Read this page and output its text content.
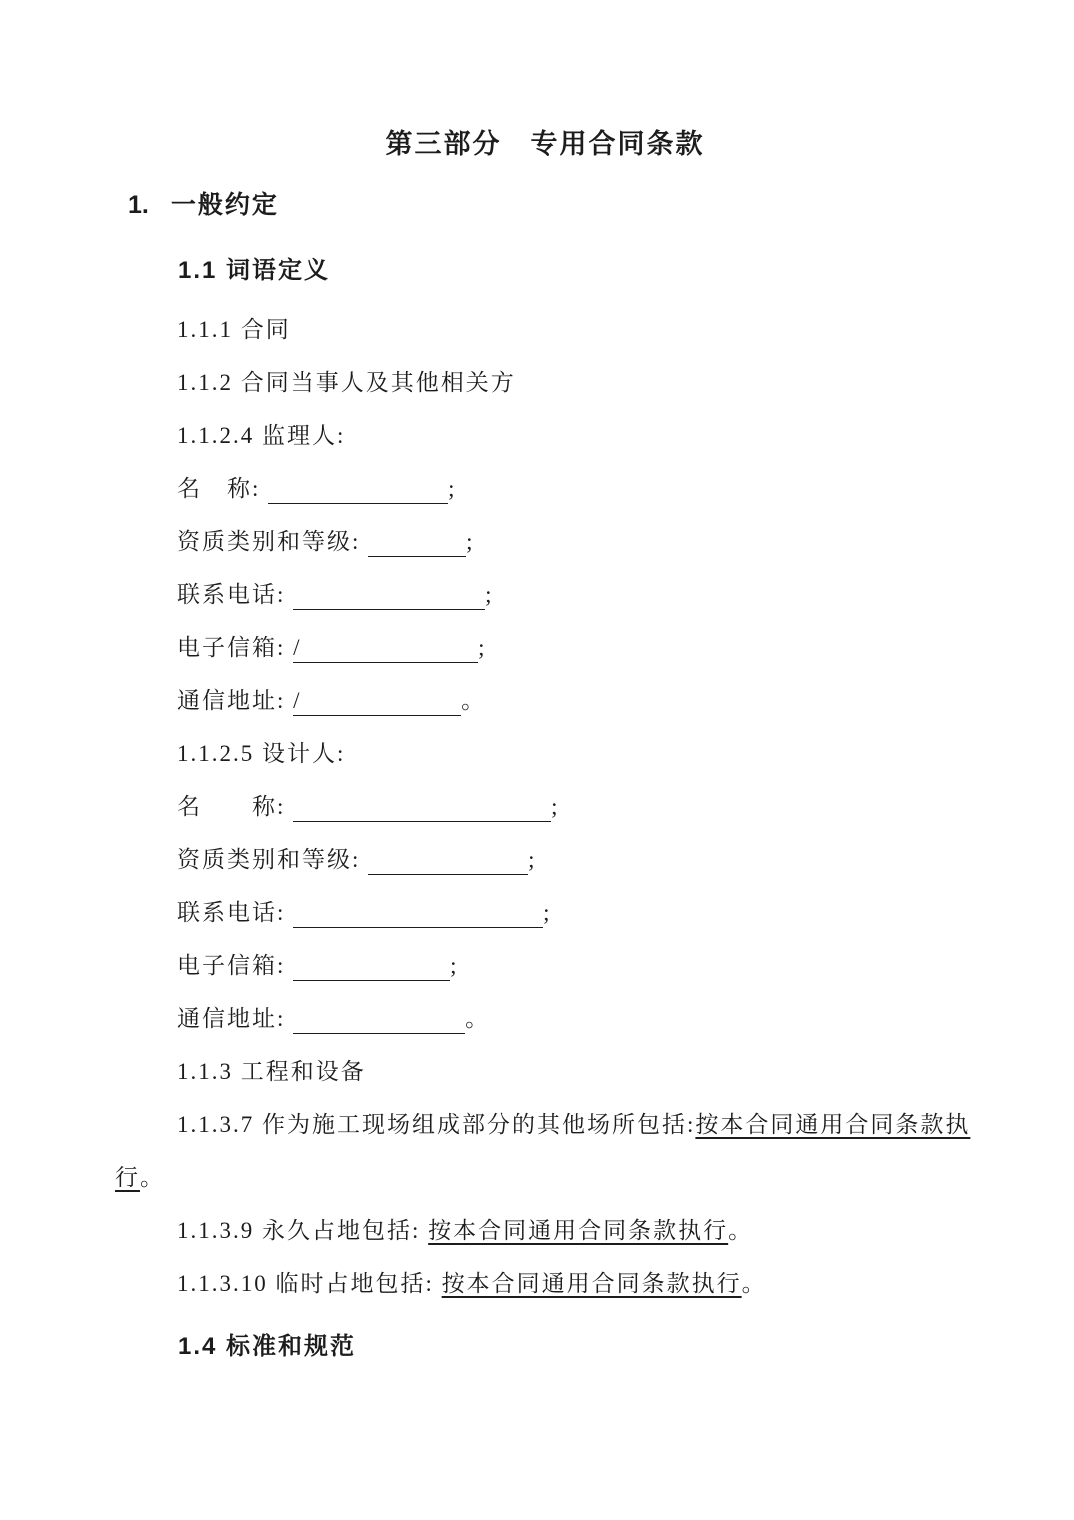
第三部分　专用合同条款
1. 一般约定
1.1 词语定义

1.1.1 合同

1.1.2 合同当事人及其他相关方

1.1.2.4 监理人:

名　称:	;

资质类别和等级:	;

联系电话:	;

电子信箱: /	;

通信地址: /	。

1.1.2.5 设计人:

名　　称:	;

资质类别和等级:	;

联系电话:	;

电子信箱:	;

通信地址:	。

1.1.3 工程和设备

1.1.3.7 作为施工现场组成部分的其他场所包括:按本合同通用合同条款执行。

1.1.3.9 永久占地包括: 按本合同通用合同条款执行。

1.1.3.10 临时占地包括: 按本合同通用合同条款执行。

1.4 标准和规范
